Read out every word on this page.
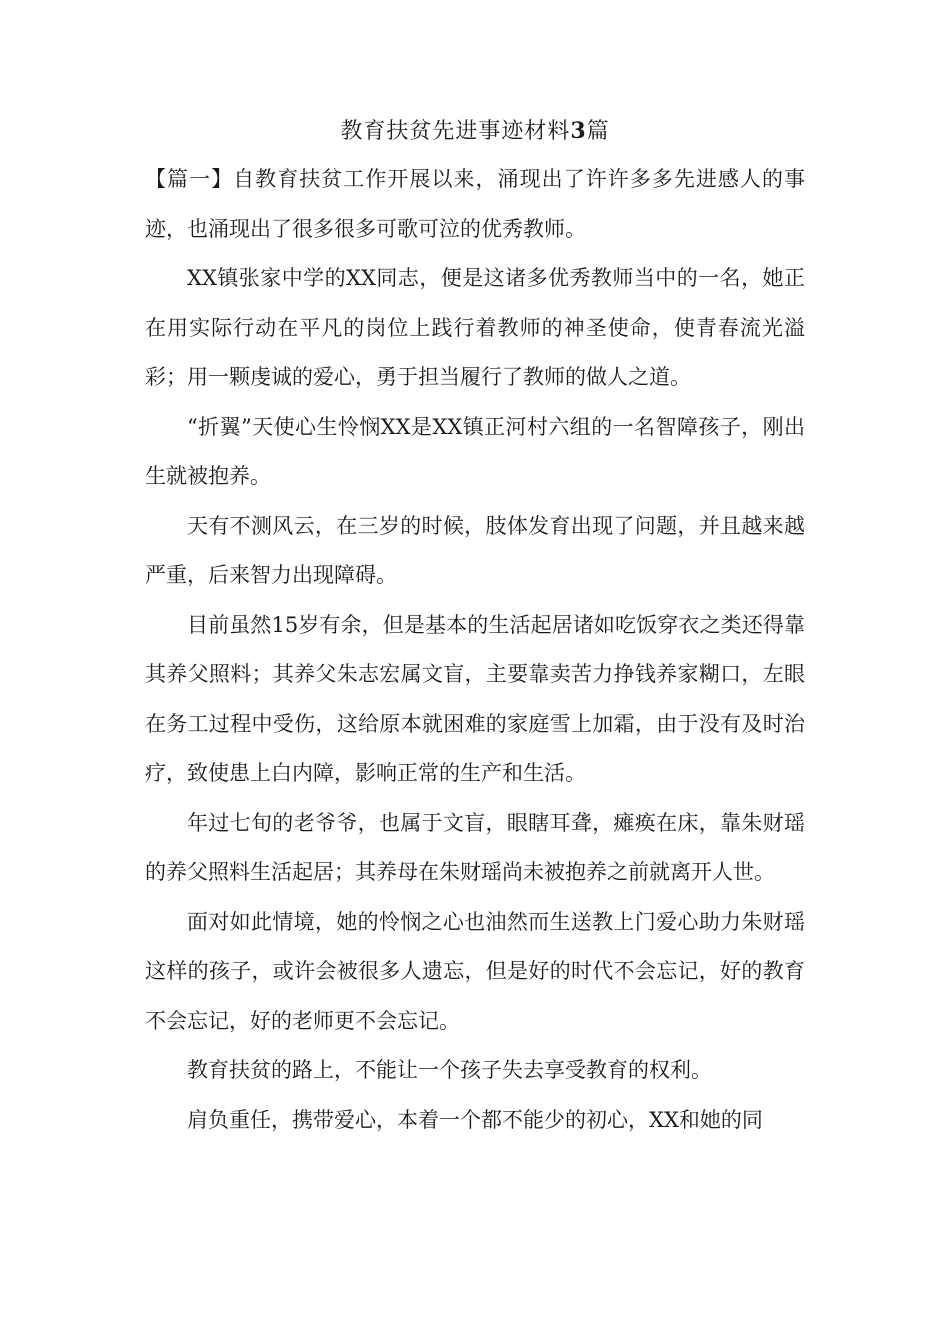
教育扶贫先进事迹材料3篇

【篇一】自教育扶贫工作开展以来，涌现出了许许多多先进感人的事迹，也涌现出了很多很多可歌可泣的优秀教师。

XX镇张家中学的XX同志，便是这诸多优秀教师当中的一名，她正在用实际行动在平凡的岗位上践行着教师的神圣使命，使青春流光溢彩；用一颗虔诚的爱心，勇于担当履行了教师的做人之道。

“折翼”天使心生怜悯XX是XX镇正河村六组的一名智障孩子，刚出生就被抱养。

天有不测风云，在三岁的时候，肢体发育出现了问题，并且越来越严重，后来智力出现障碍。

目前虽然15岁有余，但是基本的生活起居诸如吃饭穿衣之类还得靠其养父照料；其养父朱志宏属文盲，主要靠卖苦力挣钱养家糊口，左眼在务工过程中受伤，这给原本就困难的家庭雪上加霜，由于没有及时治疗，致使患上白内障，影响正常的生产和生活。

年过七旬的老爷爷，也属于文盲，眼瞎耳聋，瘫痪在床，靠朱财瑶的养父照料生活起居；其养母在朱财瑶尚未被抱养之前就离开人世。

面对如此情境，她的怜悯之心也油然而生送教上门爱心助力朱财瑶这样的孩子，或许会被很多人遗忘，但是好的时代不会忘记，好的教育不会忘记，好的老师更不会忘记。

教育扶贫的路上，不能让一个孩子失去享受教育的权利。

肩负重任，携带爱心，本着一个都不能少的初心，XX和她的同
